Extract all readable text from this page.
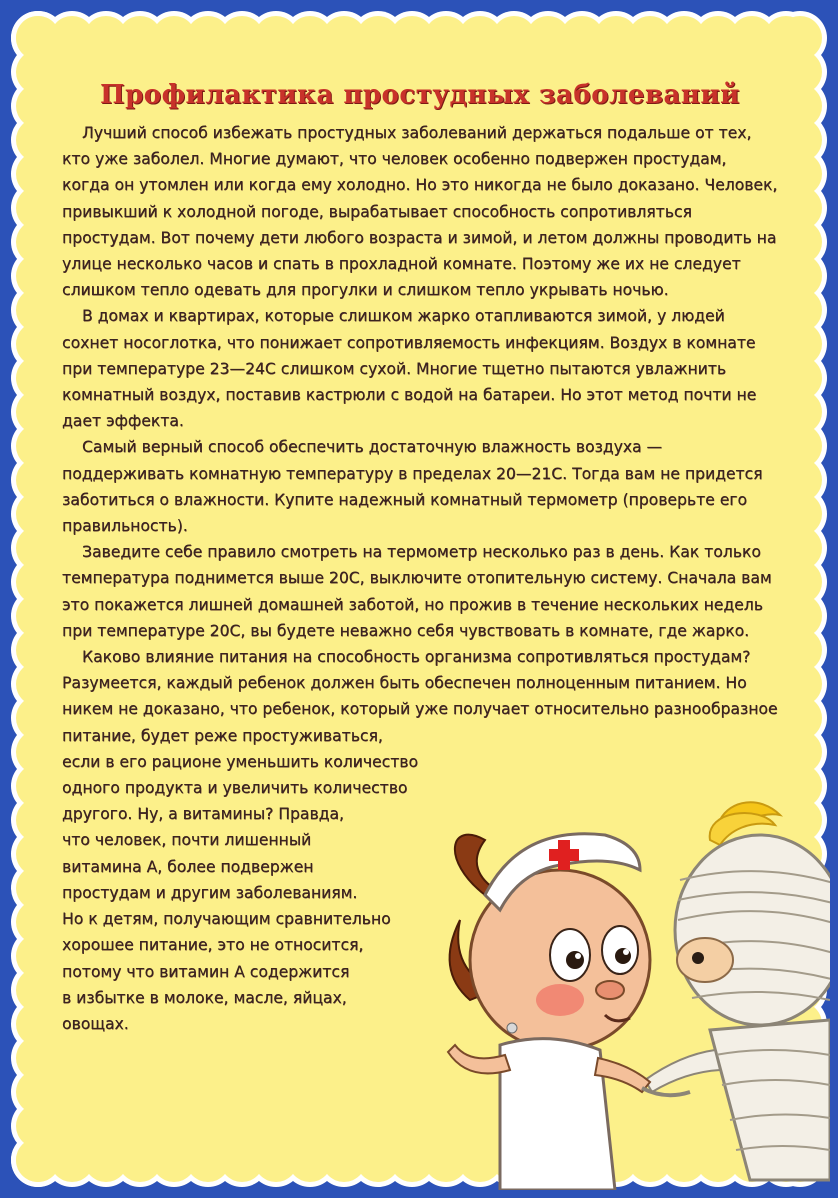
Профилактика простудных заболеваний

Лучший способ избежать простудных заболеваний держаться подальше от тех, кто уже заболел. Многие думают, что человек особенно подвержен простудам, когда он утомлен или когда ему холодно. Но это никогда не было доказано. Человек, привыкший к холодной погоде, вырабатывает способность сопротивляться простудам. Вот почему дети любого возраста и зимой, и летом должны проводить на улице несколько часов и спать в прохладной комнате. Поэтому же их не следует слишком тепло одевать для прогулки и слишком тепло укрывать ночью.

В домах и квартирах, которые слишком жарко отапливаются зимой, у людей сохнет носоглотка, что понижает сопротивляемость инфекциям. Воздух в комнате при температуре 23—24С слишком сухой. Многие тщетно пытаются увлажнить комнатный воздух, поставив кастрюли с водой на батареи. Но этот метод почти не дает эффекта.

Самый верный способ обеспечить достаточную влажность воздуха — поддерживать комнатную температуру в пределах 20—21С. Тогда вам не придется заботиться о влажности. Купите надежный комнатный термометр (проверьте его правильность).

Заведите себе правило смотреть на термометр несколько раз в день. Как только температура поднимется выше 20С, выключите отопительную систему. Сначала вам это покажется лишней домашней заботой, но прожив в течение нескольких недель при температуре 20С, вы будете неважно себя чувствовать в комнате, где жарко.

Каково влияние питания на способность организма сопротивляться простудам? Разумеется, каждый ребенок должен быть обеспечен полноценным питанием. Но никем не доказано, что ребенок, который уже получает относительно разнообразное питание, будет реже простуживаться,

если в его рационе уменьшить количество
одного продукта и увеличить количество
другого. Ну, а витамины? Правда,
что человек, почти лишенный
витамина А, более подвержен
простудам и другим заболеваниям.
Но к детям, получающим сравнительно
хорошее питание, это не относится,
потому что витамин А содержится
в избытке в молоке, масле, яйцах,
овощах.
